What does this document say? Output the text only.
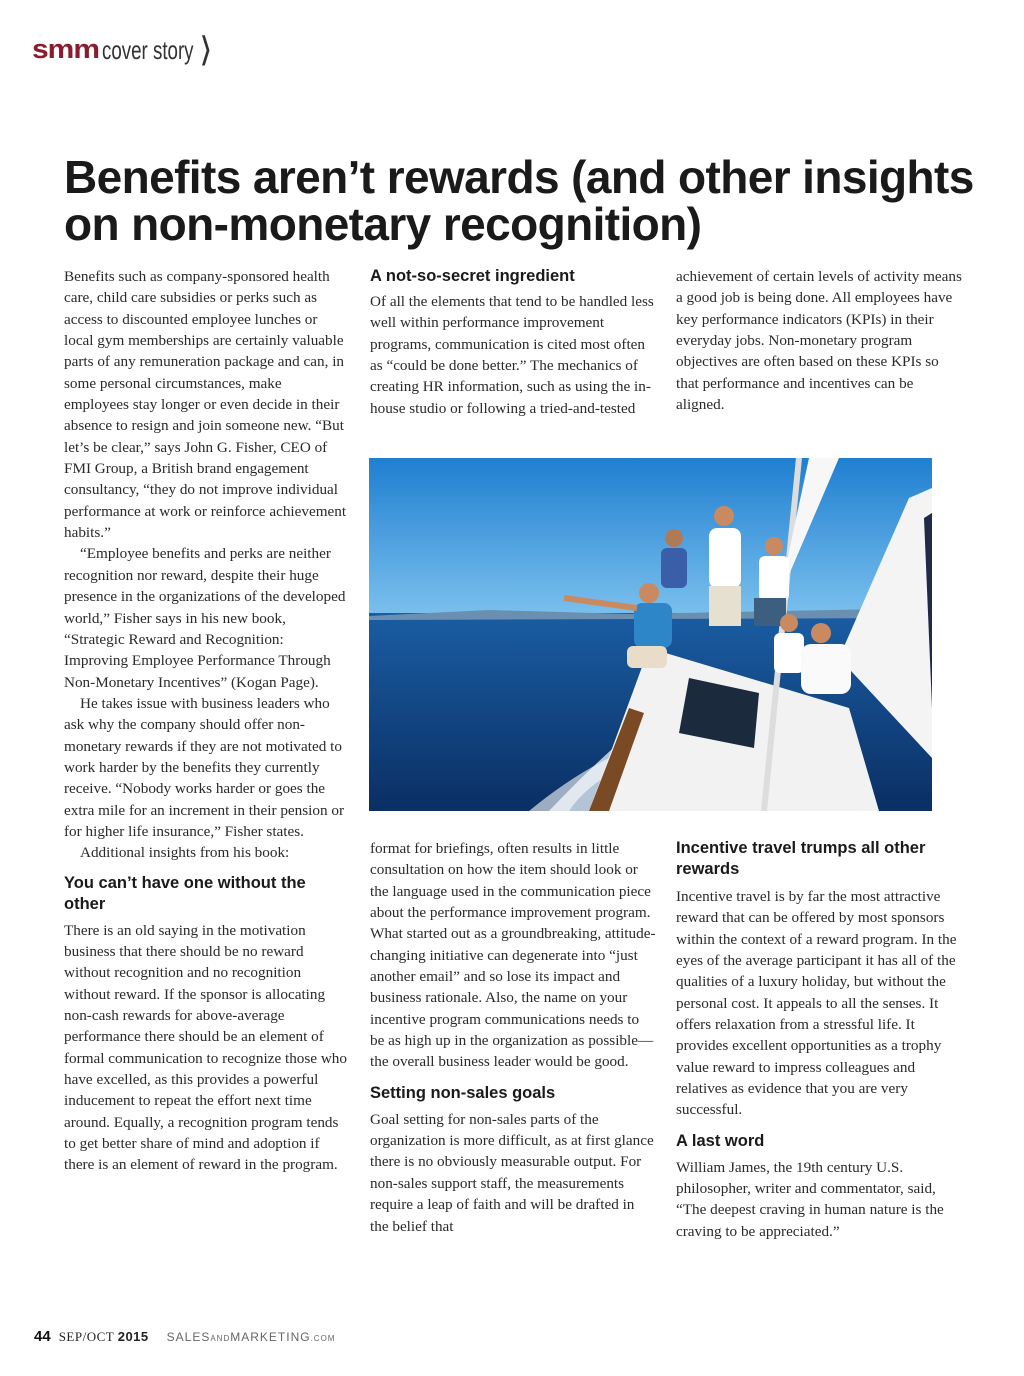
smm cover story ⟩
Benefits aren’t rewards (and other insights on non-monetary recognition)

Benefits such as company-sponsored health care, child care subsidies or perks such as access to discounted employee lunches or local gym memberships are certainly valuable parts of any remuneration package and can, in some personal circumstances, make employees stay longer or even decide in their absence to resign and join someone new. “But let’s be clear,” says John G. Fisher, CEO of FMI Group, a British brand engagement consultancy, “they do not improve individual performance at work or reinforce achievement habits.”

“Employee benefits and perks are neither recognition nor reward, despite their huge presence in the organizations of the developed world,” Fisher says in his new book, “Strategic Reward and Recognition: Improving Employee Performance Through Non-Monetary Incentives” (Kogan Page).

He takes issue with business leaders who ask why the company should offer non-monetary rewards if they are not motivated to work harder by the benefits they currently receive. “Nobody works harder or goes the extra mile for an increment in their pension or for higher life insurance,” Fisher states.

Additional insights from his book:

You can’t have one without the other

There is an old saying in the motivation business that there should be no reward without recognition and no recognition without reward. If the sponsor is allocating non-cash rewards for above-average performance there should be an element of formal communication to recognize those who have excelled, as this provides a powerful inducement to repeat the effort next time around. Equally, a recognition program tends to get better share of mind and adoption if there is an element of reward in the program.

A not-so-secret ingredient

Of all the elements that tend to be handled less well within performance improvement programs, communication is cited most often as “could be done better.” The mechanics of creating HR information, such as using the in-house studio or following a tried-and-tested

achievement of certain levels of activity means a good job is being done. All employees have key performance indicators (KPIs) in their everyday jobs. Non-monetary program objectives are often based on these KPIs so that performance and incentives can be aligned.

format for briefings, often results in little consultation on how the item should look or the language used in the communication piece about the performance improvement program. What started out as a groundbreaking, attitude-changing initiative can degenerate into “just another email” and so lose its impact and business rationale. Also, the name on your incentive program communications needs to be as high up in the organization as possible—the overall business leader would be good.

Setting non-sales goals

Goal setting for non-sales parts of the organization is more difficult, as at first glance there is no obviously measurable output. For non-sales support staff, the measurements require a leap of faith and will be drafted in the belief that

Incentive travel trumps all other rewards

Incentive travel is by far the most attractive reward that can be offered by most sponsors within the context of a reward program. In the eyes of the average participant it has all of the qualities of a luxury holiday, but without the personal cost. It appeals to all the senses. It offers relaxation from a stressful life. It provides excellent opportunities as a trophy value reward to impress colleagues and relatives as evidence that you are very successful.

A last word

William James, the 19th century U.S. philosopher, writer and commentator, said, “The deepest craving in human nature is the craving to be appreciated.”

44 SEP/OCT 2015 SALESANDMARKETING.COM
